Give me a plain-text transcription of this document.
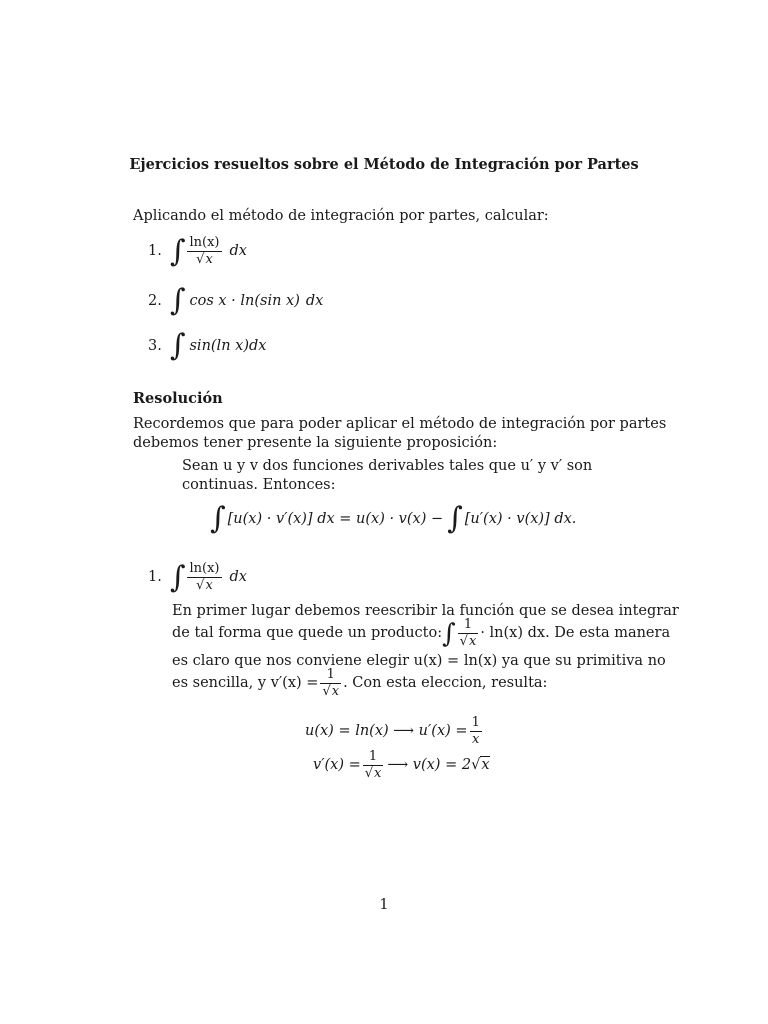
Ejercicios resueltos sobre el Método de Integración por Partes
Aplicando el método de integración por partes, calcular:
1. ∫ $\frac{\ln(x)}{√x}$ dx
2. ∫ cos x · ln(sin x) dx
3. ∫ sin(ln x) dx
Resolución
Recordemos que para poder aplicar el método de integración por partes
debemos tener presente la siguiente proposición:
Sean u y v dos funciones derivables tales que u′ y v′ son
continuas. Entonces:
∫ [u(x) · v′(x)] dx = u(x) · v(x) − ∫ [u′(x) · v(x)] dx.
1. ∫ $\frac{\ln(x)}{√x}$ dx
En primer lugar debemos reescribir la función que se desea integrar
de tal forma que quede un producto: ∫ $\frac{1}{√x} \cdot \ln(x)$ dx. De esta manera
es claro que nos conviene elegir u(x) = ln(x) ya que su primitiva no
es sencilla, y $v'(x) = \frac{1}{√x}$ . Con esta eleccion, resulta:
u(x) = ln(x) ⟶ $u'(x) = \frac{1}{x}$
$v'(x) = \frac{1}{√x}$ ⟶ v(x) = 2 √x
1
